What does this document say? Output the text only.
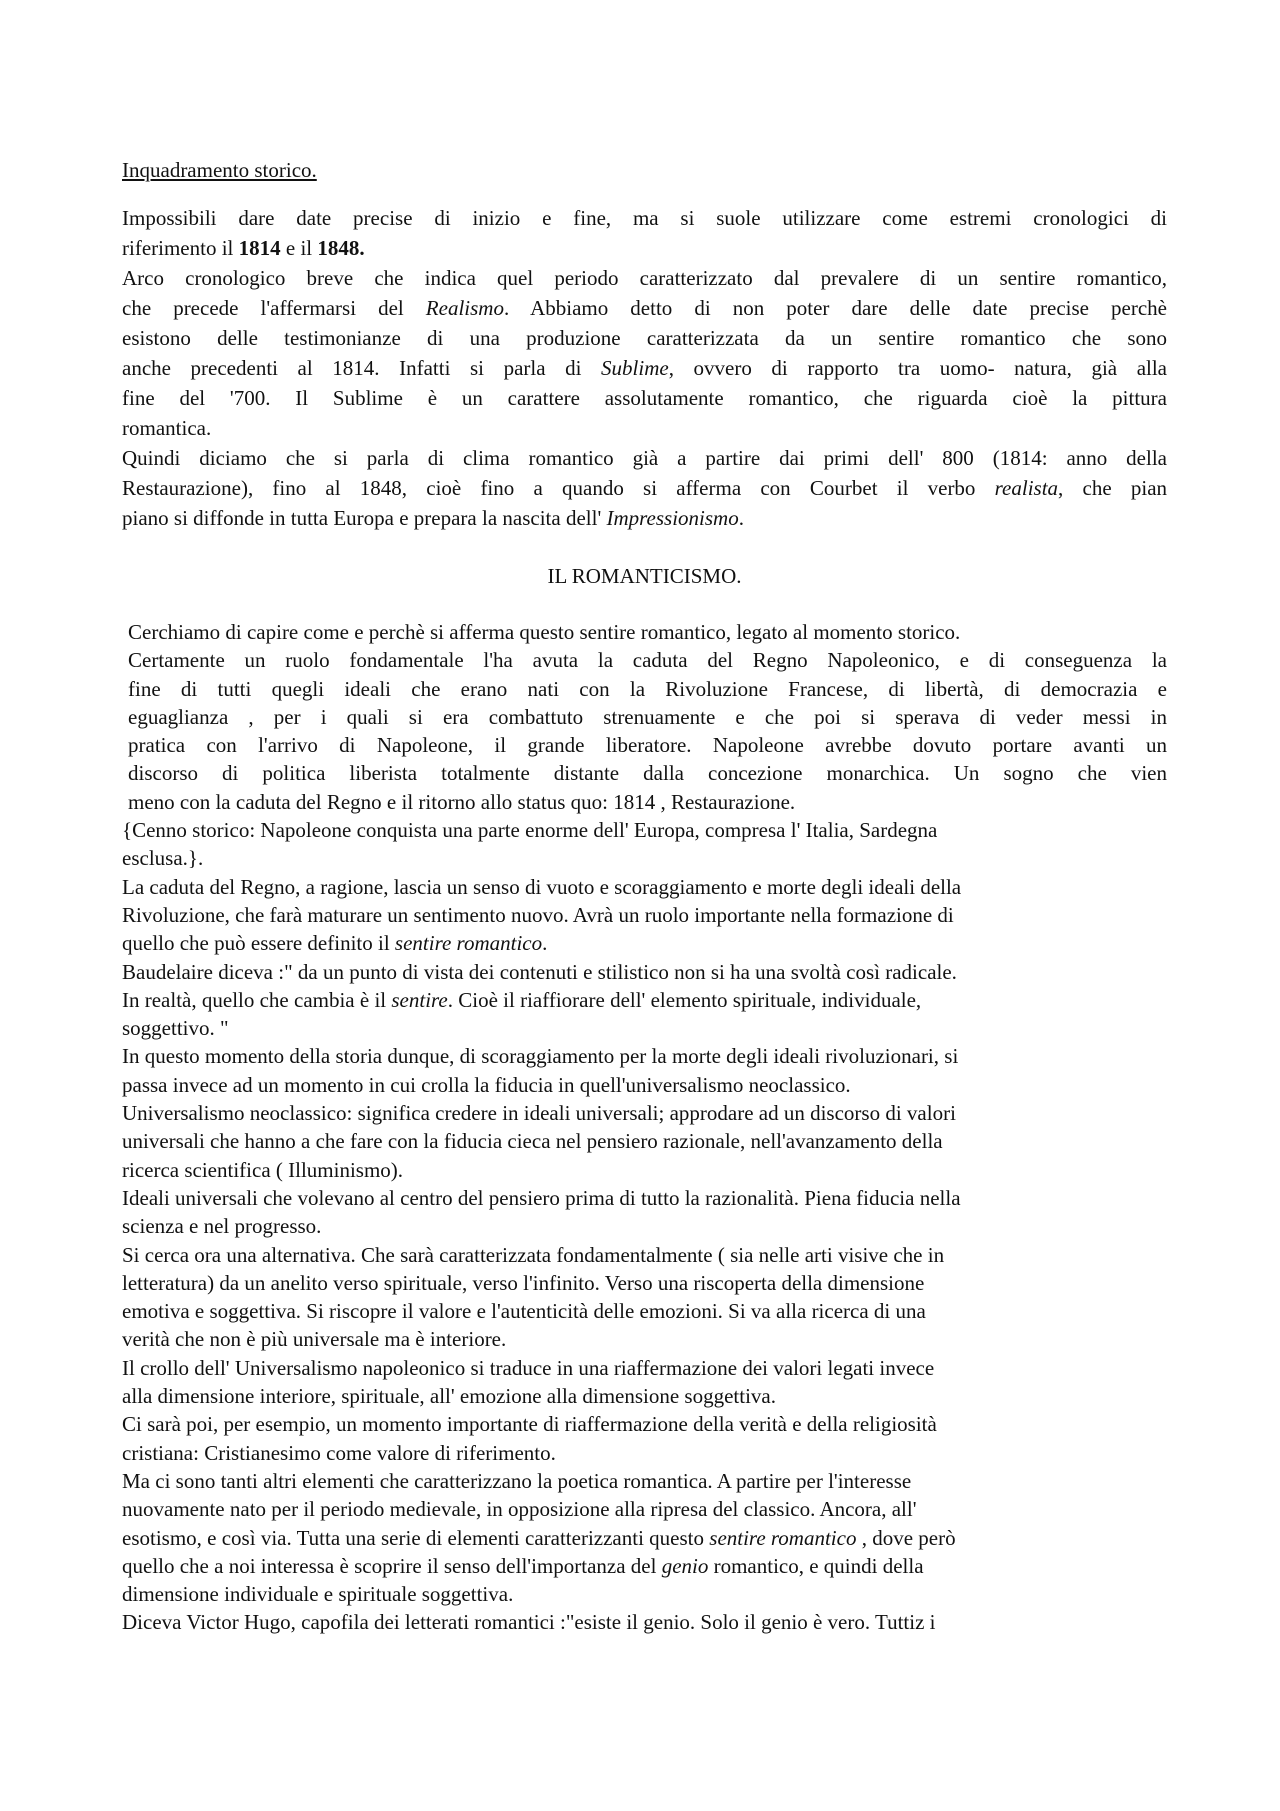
Inquadramento storico.
Impossibili dare date precise di inizio e fine, ma si suole utilizzare come estremi cronologici di
riferimento il 1814 e il 1848.
Arco cronologico breve che indica quel periodo caratterizzato dal prevalere di un sentire romantico,
che precede l'affermarsi del Realismo. Abbiamo detto di non poter dare delle date precise perchè
esistono delle testimonianze di una produzione caratterizzata da un sentire romantico che sono
anche precedenti al 1814. Infatti si parla di Sublime, ovvero di rapporto tra uomo- natura, già alla
fine del '700. Il Sublime è un carattere assolutamente romantico, che riguarda cioè la pittura
romantica.
Quindi diciamo che si parla di clima romantico già a partire dai primi dell' 800 (1814: anno della
Restaurazione), fino al 1848, cioè fino a quando si afferma con Courbet il verbo realista, che pian
piano si diffonde in tutta Europa e prepara la nascita dell' Impressionismo.
IL ROMANTICISMO.
Cerchiamo di capire come e perchè si afferma questo sentire romantico, legato al momento storico.
Certamente un ruolo fondamentale l'ha avuta la caduta del Regno Napoleonico, e di conseguenza la
fine di tutti quegli ideali che erano nati con la Rivoluzione Francese, di libertà, di democrazia e
eguaglianza , per i quali si era combattuto strenuamente e che poi si sperava di veder messi in
pratica con l'arrivo di Napoleone, il grande liberatore. Napoleone avrebbe dovuto portare avanti un
discorso di politica liberista totalmente distante dalla concezione monarchica. Un sogno che vien
meno con la caduta del Regno e il ritorno allo status quo: 1814 , Restaurazione.
{Cenno storico: Napoleone conquista una parte enorme dell' Europa, compresa l' Italia, Sardegna
esclusa.}.
La caduta del Regno, a ragione, lascia un senso di vuoto e scoraggiamento e morte degli ideali della
Rivoluzione, che farà maturare un sentimento nuovo. Avrà un ruolo importante nella formazione di
quello che può essere definito il sentire romantico.
Baudelaire diceva :" da un punto di vista dei contenuti e stilistico non si ha una svoltà così radicale.
In realtà, quello che cambia è il sentire. Cioè il riaffiorare dell' elemento spirituale, individuale,
soggettivo. "
In questo momento della storia dunque, di scoraggiamento per la morte degli ideali rivoluzionari, si
passa invece ad un momento in cui crolla la fiducia in quell'universalismo neoclassico.
Universalismo neoclassico: significa credere in ideali universali; approdare ad un discorso di valori
universali che hanno a che fare con la fiducia cieca nel pensiero razionale, nell'avanzamento della
ricerca scientifica ( Illuminismo).
Ideali universali che volevano al centro del pensiero prima di tutto la razionalità. Piena fiducia nella
scienza e nel progresso.
Si cerca ora una alternativa. Che sarà caratterizzata fondamentalmente ( sia nelle arti visive che in
letteratura) da un anelito verso spirituale, verso l'infinito. Verso una riscoperta della dimensione
emotiva e soggettiva. Si riscopre il valore e l'autenticità delle emozioni. Si va alla ricerca di una
verità che non è più universale ma è interiore.
Il crollo dell' Universalismo napoleonico si traduce in una riaffermazione dei valori legati invece
alla dimensione interiore, spirituale, all' emozione alla dimensione soggettiva.
Ci sarà poi, per esempio, un momento importante di riaffermazione della verità e della religiosità
cristiana: Cristianesimo come valore di riferimento.
Ma ci sono tanti altri elementi che caratterizzano la poetica romantica. A partire per l'interesse
nuovamente nato per il periodo medievale, in opposizione alla ripresa del classico. Ancora, all'
esotismo, e così via. Tutta una serie di elementi caratterizzanti questo sentire romantico , dove però
quello che a noi interessa è scoprire il senso dell'importanza del genio romantico, e quindi della
dimensione individuale e spirituale soggettiva.
Diceva Victor Hugo, capofila dei letterati romantici :"esiste il genio. Solo il genio è vero. Tuttiz i
